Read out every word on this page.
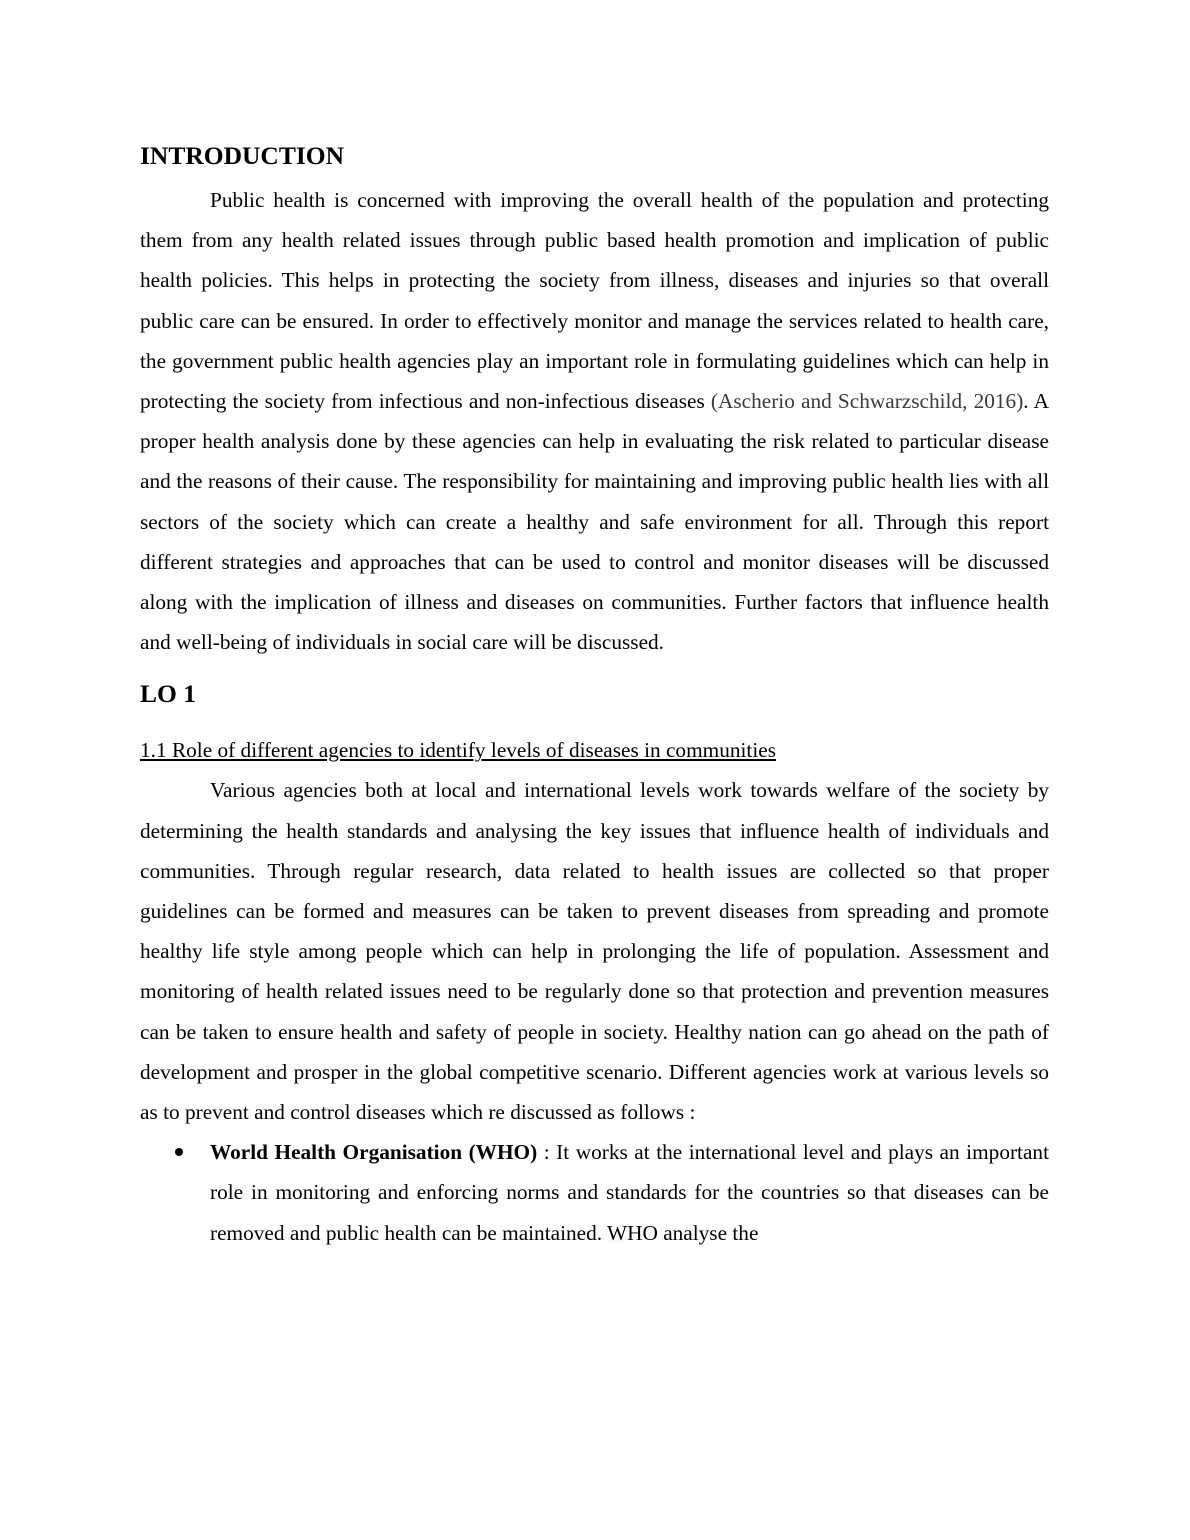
INTRODUCTION

Public health is concerned with improving the overall health of the population and protecting them from any health related issues through public based health promotion and implication of public health policies. This helps in protecting the society from illness, diseases and injuries so that overall public care can be ensured. In order to effectively monitor and manage the services related to health care, the government public health agencies play an important role in formulating guidelines which can help in protecting the society from infectious and non-infectious diseases (Ascherio and Schwarzschild, 2016). A proper health analysis done by these agencies can help in evaluating the risk related to particular disease and the reasons of their cause. The responsibility for maintaining and improving public health lies with all sectors of the society which can create a healthy and safe environment for all. Through this report different strategies and approaches that can be used to control and monitor diseases will be discussed along with the implication of illness and diseases on communities. Further factors that influence health and well-being of individuals in social care will be discussed.

LO 1

1.1 Role of different agencies to identify levels of diseases in communities

Various agencies both at local and international levels work towards welfare of the society by determining the health standards and analysing the key issues that influence health of individuals and communities. Through regular research, data related to health issues are collected so that proper guidelines can be formed and measures can be taken to prevent diseases from spreading and promote healthy life style among people which can help in prolonging the life of population. Assessment and monitoring of health related issues need to be regularly done so that protection and prevention measures can be taken to ensure health and safety of people in society. Healthy nation can go ahead on the path of development and prosper in the global competitive scenario. Different agencies work at various levels so as to prevent and control diseases which re discussed as follows :

World Health Organisation (WHO) : It works at the international level and plays an important role in monitoring and enforcing norms and standards for the countries so that diseases can be removed and public health can be maintained. WHO analyse the
